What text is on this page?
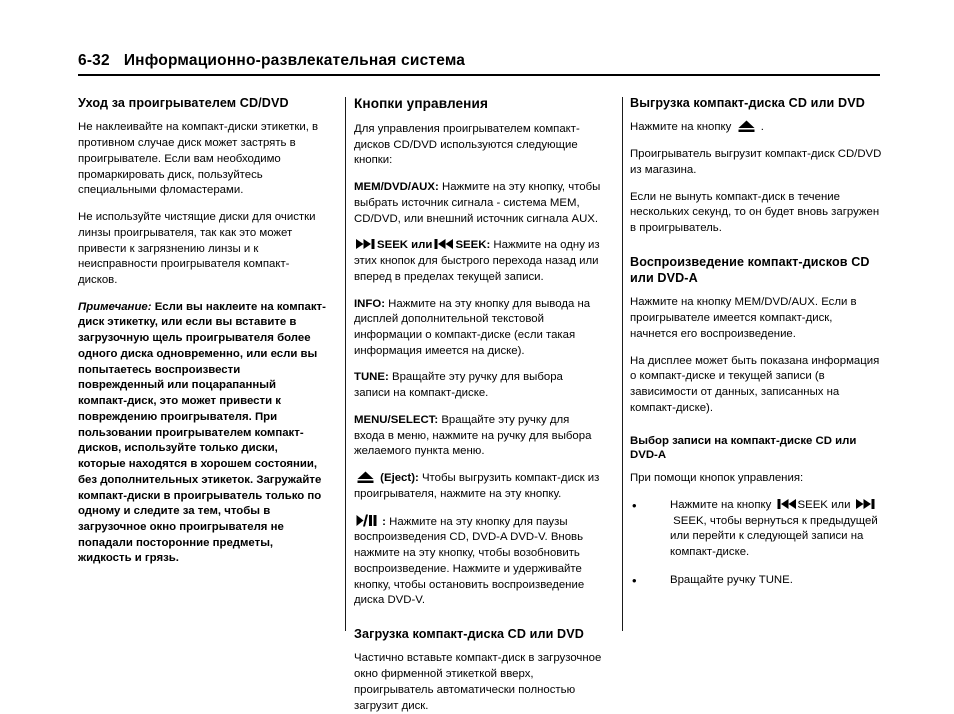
6-32 Информационно-развлекательная система
Уход за проигрывателем CD/DVD

Не наклеивайте на компакт-диски этикетки, в противном случае диск может застрять в проигрывателе. Если вам необходимо промаркировать диск, пользуйтесь специальными фломастерами.

Не используйте чистящие диски для очистки линзы проигрывателя, так как это может привести к загрязнению линзы и к неисправности проигрывателя компакт-дисков.

Примечание: Если вы наклеите на компакт-диск этикетку, или если вы вставите в загрузочную щель проигрывателя более одного диска одновременно, или если вы попытаетесь воспроизвести поврежденный или поцарапанный компакт-диск, это может привести к повреждению проигрывателя. При пользовании проигрывателем компакт-дисков, используйте только диски, которые находятся в хорошем состоянии, без дополнительных этикеток. Загружайте компакт-диски в проигрыватель только по одному и следите за тем, чтобы в загрузочное окно проигрывателя не попадали посторонние предметы, жидкость и грязь.

Кнопки управления

Для управления проигрывателем компакт-дисков CD/DVD используются следующие кнопки:

MEM/DVD/AUX: Нажмите на эту кнопку, чтобы выбрать источник сигнала - система MEM, CD/DVD, или внешний источник сигнала AUX.

SEEK или SEEK: Нажмите на одну из этих кнопок для быстрого перехода назад или вперед в пределах текущей записи.

INFO: Нажмите на эту кнопку для вывода на дисплей дополнительной текстовой информации о компакт-диске (если такая информация имеется на диске).

TUNE: Вращайте эту ручку для выбора записи на компакт-диске.

MENU/SELECT: Вращайте эту ручку для входа в меню, нажмите на ручку для выбора желаемого пункта меню.

(Eject): Чтобы выгрузить компакт-диск из проигрывателя, нажмите на эту кнопку.

: Нажмите на эту кнопку для паузы воспроизведения CD, DVD-A DVD-V. Вновь нажмите на эту кнопку, чтобы возобновить воспроизведение. Нажмите и удерживайте кнопку, чтобы остановить воспроизведение диска DVD-V.

Загрузка компакт-диска CD или DVD

Частично вставьте компакт-диск в загрузочное окно фирменной этикеткой вверх, проигрыватель автоматически полностью загрузит диск.

Выгрузка компакт-диска CD или DVD

Нажмите на кнопку	.

Проигрыватель выгрузит компакт-диск CD/DVD из магазина.

Если не вынуть компакт-диск в течение нескольких секунд, то он будет вновь загружен в проигрыватель.

Воспроизведение компакт-дисков CD или DVD-A

Нажмите на кнопку MEM/DVD/AUX. Если в проигрывателе имеется компакт-диск, начнется его воспроизведение.

На дисплее может быть показана информация о компакт-диске и текущей записи (в зависимости от данных, записанных на компакт-диске).

Выбор записи на компакт-диске CD или DVD-A

При помощи кнопок управления:

•	Нажмите на кнопку SEEK или
SEEK, чтобы вернуться к предыдущей или перейти к следующей записи на компакт-диске.
•	Вращайте ручку TUNE.
